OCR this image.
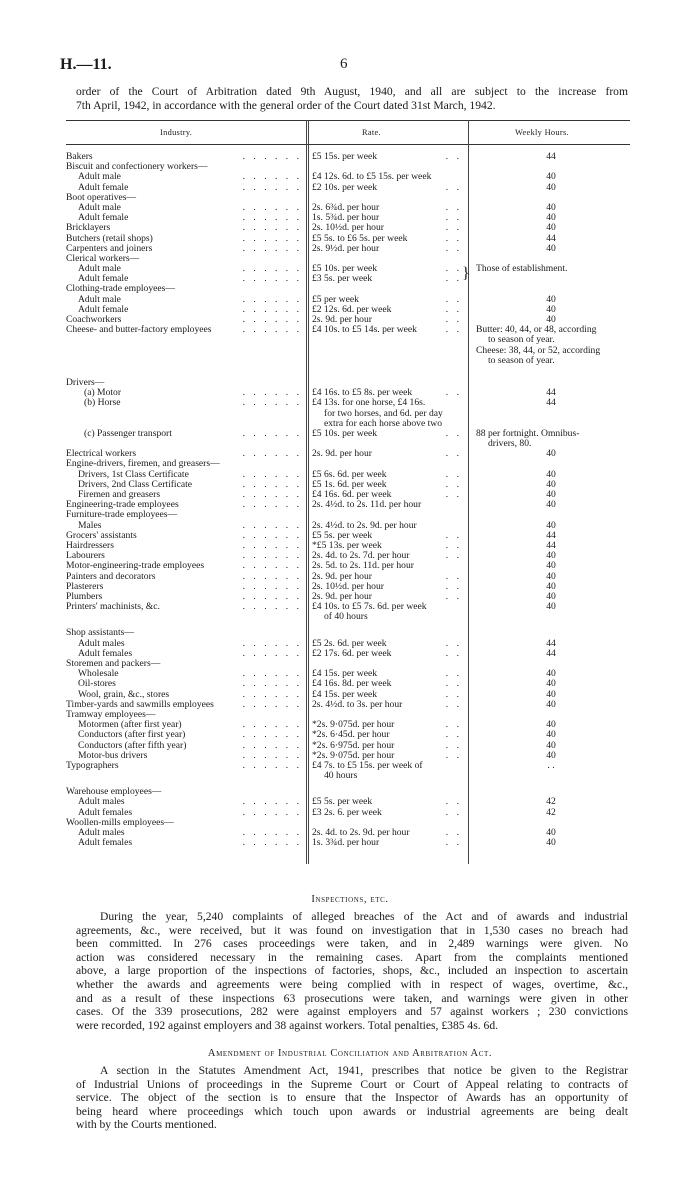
H.—11.	6
order of the Court of Arbitration dated 9th August, 1940, and all are subject to the increase from
7th April, 1942, in accordance with the general order of the Court dated 31st March, 1942.
Industry.	Rate.	Weekly Hours.
Bakers	. . . . . . £5 15s. per week	. .	44
Biscuit and confectionery workers—
Adult male	. . . . . . £4 12s. 6d. to £5 15s. per week	40
Adult female	. . . . . . £2 10s. per week	. .	40
Boot operatives—
Adult male	. . . . . . 2s. 6¾d. per hour	. .	40
Adult female	. . . . . . 1s. 5¾d. per hour	. .	40
Bricklayers	. . . . . . 2s. 10½d. per hour	. .	40
Butchers (retail shops)	. . . . . . £5 5s. to £6 5s. per week	. .	44
Carpenters and joiners	. . . . . . 2s. 9½d. per hour	. .	40
Clerical workers—
Adult male	. . . . . . £5 10s. per week	. . } Those of establishment.
Adult female	. . . . . . £3 5s. per week	. .
Clothing-trade employees—
Adult male	. . . . . . £5 per week	. .	40
Adult female	. . . . . . £2 12s. 6d. per week	. .	40
Coachworkers	. . . . . . 2s. 9d. per hour	. .	40
Cheese- and butter-factory employees	. . . . . . £4 10s. to £5 14s. per week	. . Butter: 40, 44, or 48, according
to season of year.
Cheese: 38, 44, or 52, according
to season of year.
Drivers—
(a) Motor	. . . . . . £4 16s. to £5 8s. per week	. .	44
(b) Horse	. . . . . . £4 13s. for one horse, £4 16s.	44
for two horses, and 6d. per day
extra for each horse above two
(c) Passenger transport	. . . . . . £5 10s. per week	. . 88 per fortnight. Omnibus-
drivers, 80.
Electrical workers	. . . . . . 2s. 9d. per hour	. .	40
Engine-drivers, firemen, and greasers—
Drivers, 1st Class Certificate	. . . . . . £5 6s. 6d. per week	. .	40
Drivers, 2nd Class Certificate	. . . . . . £5 1s. 6d. per week	. .	40
Firemen and greasers	. . . . . . £4 16s. 6d. per week	. .	40
Engineering-trade employees	. . . . . . 2s. 4½d. to 2s. 11d. per hour	40
Furniture-trade employees—
Males	. . . . . . 2s. 4½d. to 2s. 9d. per hour	40
Grocers' assistants	. . . . . . £5 5s. per week	. .	44
Hairdressers	. . . . . . *£5 13s. per week	. .	44
Labourers	. . . . . . 2s. 4d. to 2s. 7d. per hour	. .	40
Motor-engineering-trade employees	. . . . . . 2s. 5d. to 2s. 11d. per hour	40
Painters and decorators	. . . . . . 2s. 9d. per hour	. .	40
Plasterers	. . . . . . 2s. 10½d. per hour	. .	40
Plumbers	. . . . . . 2s. 9d. per hour	. .	40
Printers' machinists, &c.	. . . . . . £4 10s. to £5 7s. 6d. per week	40
of 40 hours
Shop assistants—
Adult males	. . . . . . £5 2s. 6d. per week	. .	44
Adult females	. . . . . . £2 17s. 6d. per week	. .	44
Storemen and packers—
Wholesale	. . . . . . £4 15s. per week	. .	40
Oil-stores	. . . . . . £4 16s. 8d. per week	. .	40
Wool, grain, &c., stores	. . . . . . £4 15s. per week	. .	40
Timber-yards and sawmills employees	. . . . . . 2s. 4½d. to 3s. per hour	. .	40
Tramway employees—
Motormen (after first year)	. . . . . . *2s. 9·075d. per hour	. .	40
Conductors (after first year)	. . . . . . *2s. 6·45d. per hour	. .	40
Conductors (after fifth year)	. . . . . . *2s. 6·975d. per hour	. .	40
Motor-bus drivers	. . . . . . *2s. 9·075d. per hour	. .	40
Typographers	. . . . . . £4 7s. to £5 15s. per week of	. .
40 hours
Warehouse employees—
Adult males	. . . . . . £5 5s. per week	. .	42
Adult females	. . . . . . £3 2s. 6. per week	. .	42
Woollen-mills employees—
Adult males	. . . . . . 2s. 4d. to 2s. 9d. per hour	. .	40
Adult females	. . . . . . 1s. 3¾d. per hour	. .	40
Inspections, etc.
During the year, 5,240 complaints of alleged breaches of the Act and of awards and industrial
agreements, &c., were received, but it was found on investigation that in 1,530 cases no breach had
been committed. In 276 cases proceedings were taken, and in 2,489 warnings were given. No
action was considered necessary in the remaining cases. Apart from the complaints mentioned
above, a large proportion of the inspections of factories, shops, &c., included an inspection to ascertain
whether the awards and agreements were being complied with in respect of wages, overtime, &c.,
and as a result of these inspections 63 prosecutions were taken, and warnings were given in other
cases. Of the 339 prosecutions, 282 were against employers and 57 against workers ; 230 convictions
were recorded, 192 against employers and 38 against workers. Total penalties, £385 4s. 6d.
Amendment of Industrial Conciliation and Arbitration Act.
A section in the Statutes Amendment Act, 1941, prescribes that notice be given to the Registrar
of Industrial Unions of proceedings in the Supreme Court or Court of Appeal relating to contracts of
service. The object of the section is to ensure that the Inspector of Awards has an opportunity of
being heard where proceedings which touch upon awards or industrial agreements are being dealt
with by the Courts mentioned.
